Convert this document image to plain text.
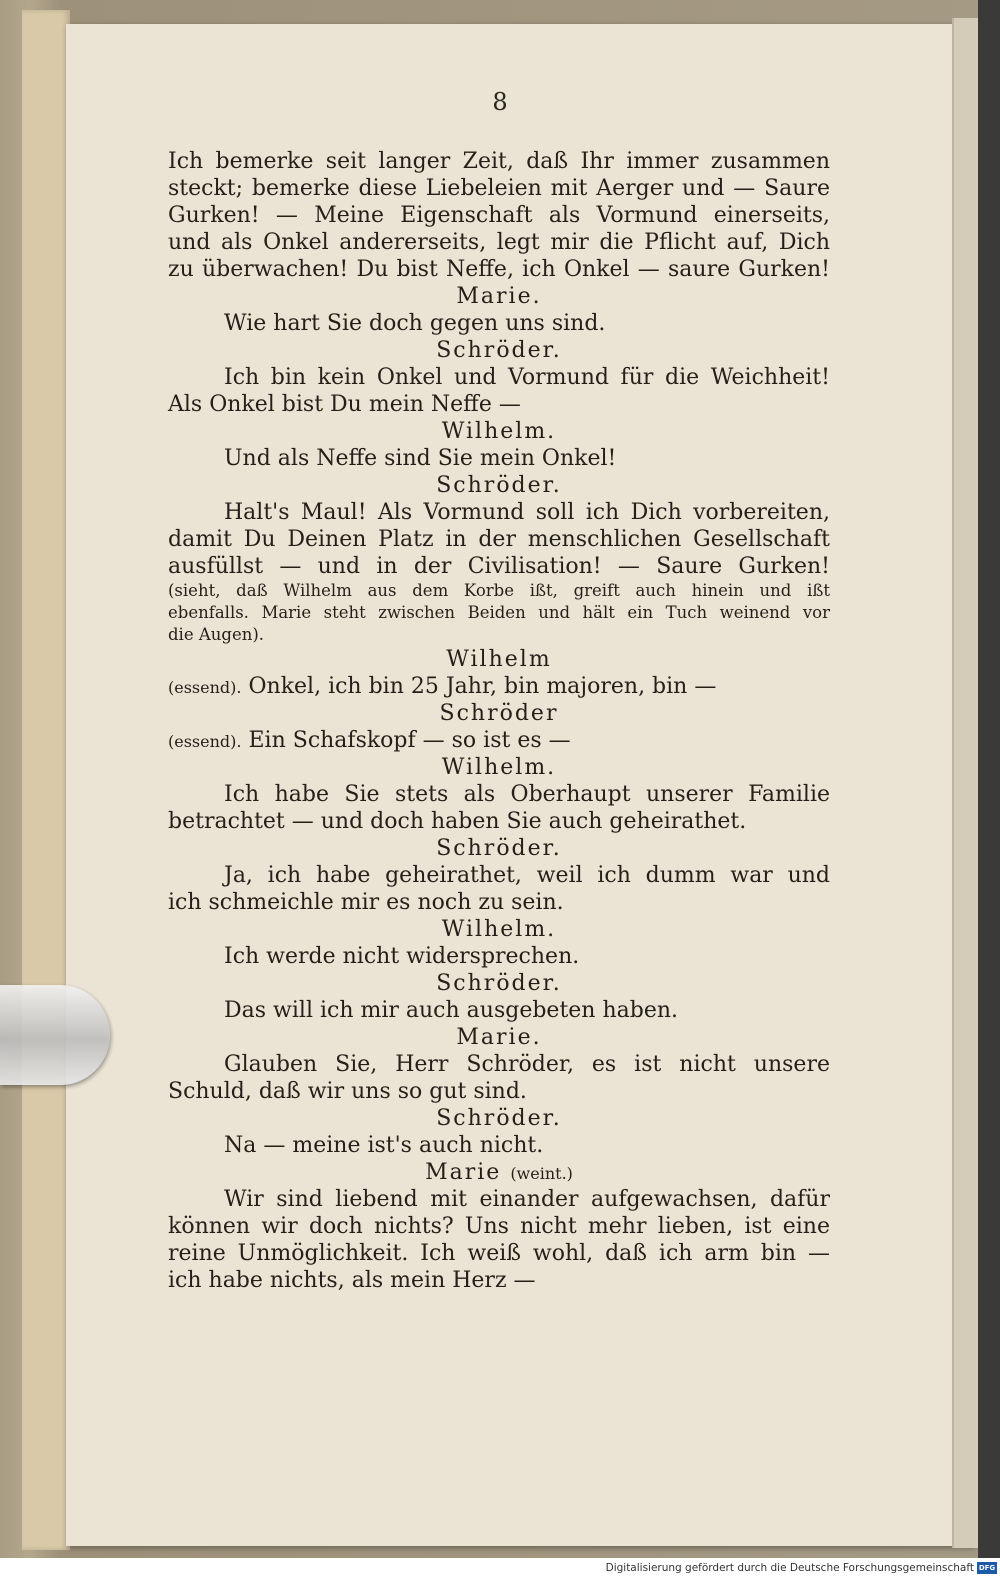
8
Ich bemerke seit langer Zeit, daß Ihr immer zusammen
steckt; bemerke diese Liebeleien mit Aerger und — Saure
Gurken! — Meine Eigenschaft als Vormund einerseits,
und als Onkel andererseits, legt mir die Pflicht auf, Dich
zu überwachen! Du bist Neffe, ich Onkel — saure Gurken!
Marie.
Wie hart Sie doch gegen uns sind.
Schröder.
Ich bin kein Onkel und Vormund für die Weichheit!
Als Onkel bist Du mein Neffe —
Wilhelm.
Und als Neffe sind Sie mein Onkel!
Schröder.
Halt's Maul! Als Vormund soll ich Dich vorbereiten,
damit Du Deinen Platz in der menschlichen Gesellschaft
ausfüllst — und in der Civilisation! — Saure Gurken!
(sieht, daß Wilhelm aus dem Korbe ißt, greift auch hinein und ißt
ebenfalls. Marie steht zwischen Beiden und hält ein Tuch weinend vor
die Augen).
Wilhelm
(essend). Onkel, ich bin 25 Jahr, bin majoren, bin —
Schröder
(essend). Ein Schafskopf — so ist es —
Wilhelm.
Ich habe Sie stets als Oberhaupt unserer Familie
betrachtet — und doch haben Sie auch geheirathet.
Schröder.
Ja, ich habe geheirathet, weil ich dumm war und
ich schmeichle mir es noch zu sein.
Wilhelm.
Ich werde nicht widersprechen.
Schröder.
Das will ich mir auch ausgebeten haben.
Marie.
Glauben Sie, Herr Schröder, es ist nicht unsere
Schuld, daß wir uns so gut sind.
Schröder.
Na — meine ist's auch nicht.
Marie (weint.)
Wir sind liebend mit einander aufgewachsen, dafür
können wir doch nichts? Uns nicht mehr lieben, ist eine
reine Unmöglichkeit. Ich weiß wohl, daß ich arm bin —
ich habe nichts, als mein Herz —
Digitalisierung gefördert durch die Deutsche Forschungsgemeinschaft DFG
